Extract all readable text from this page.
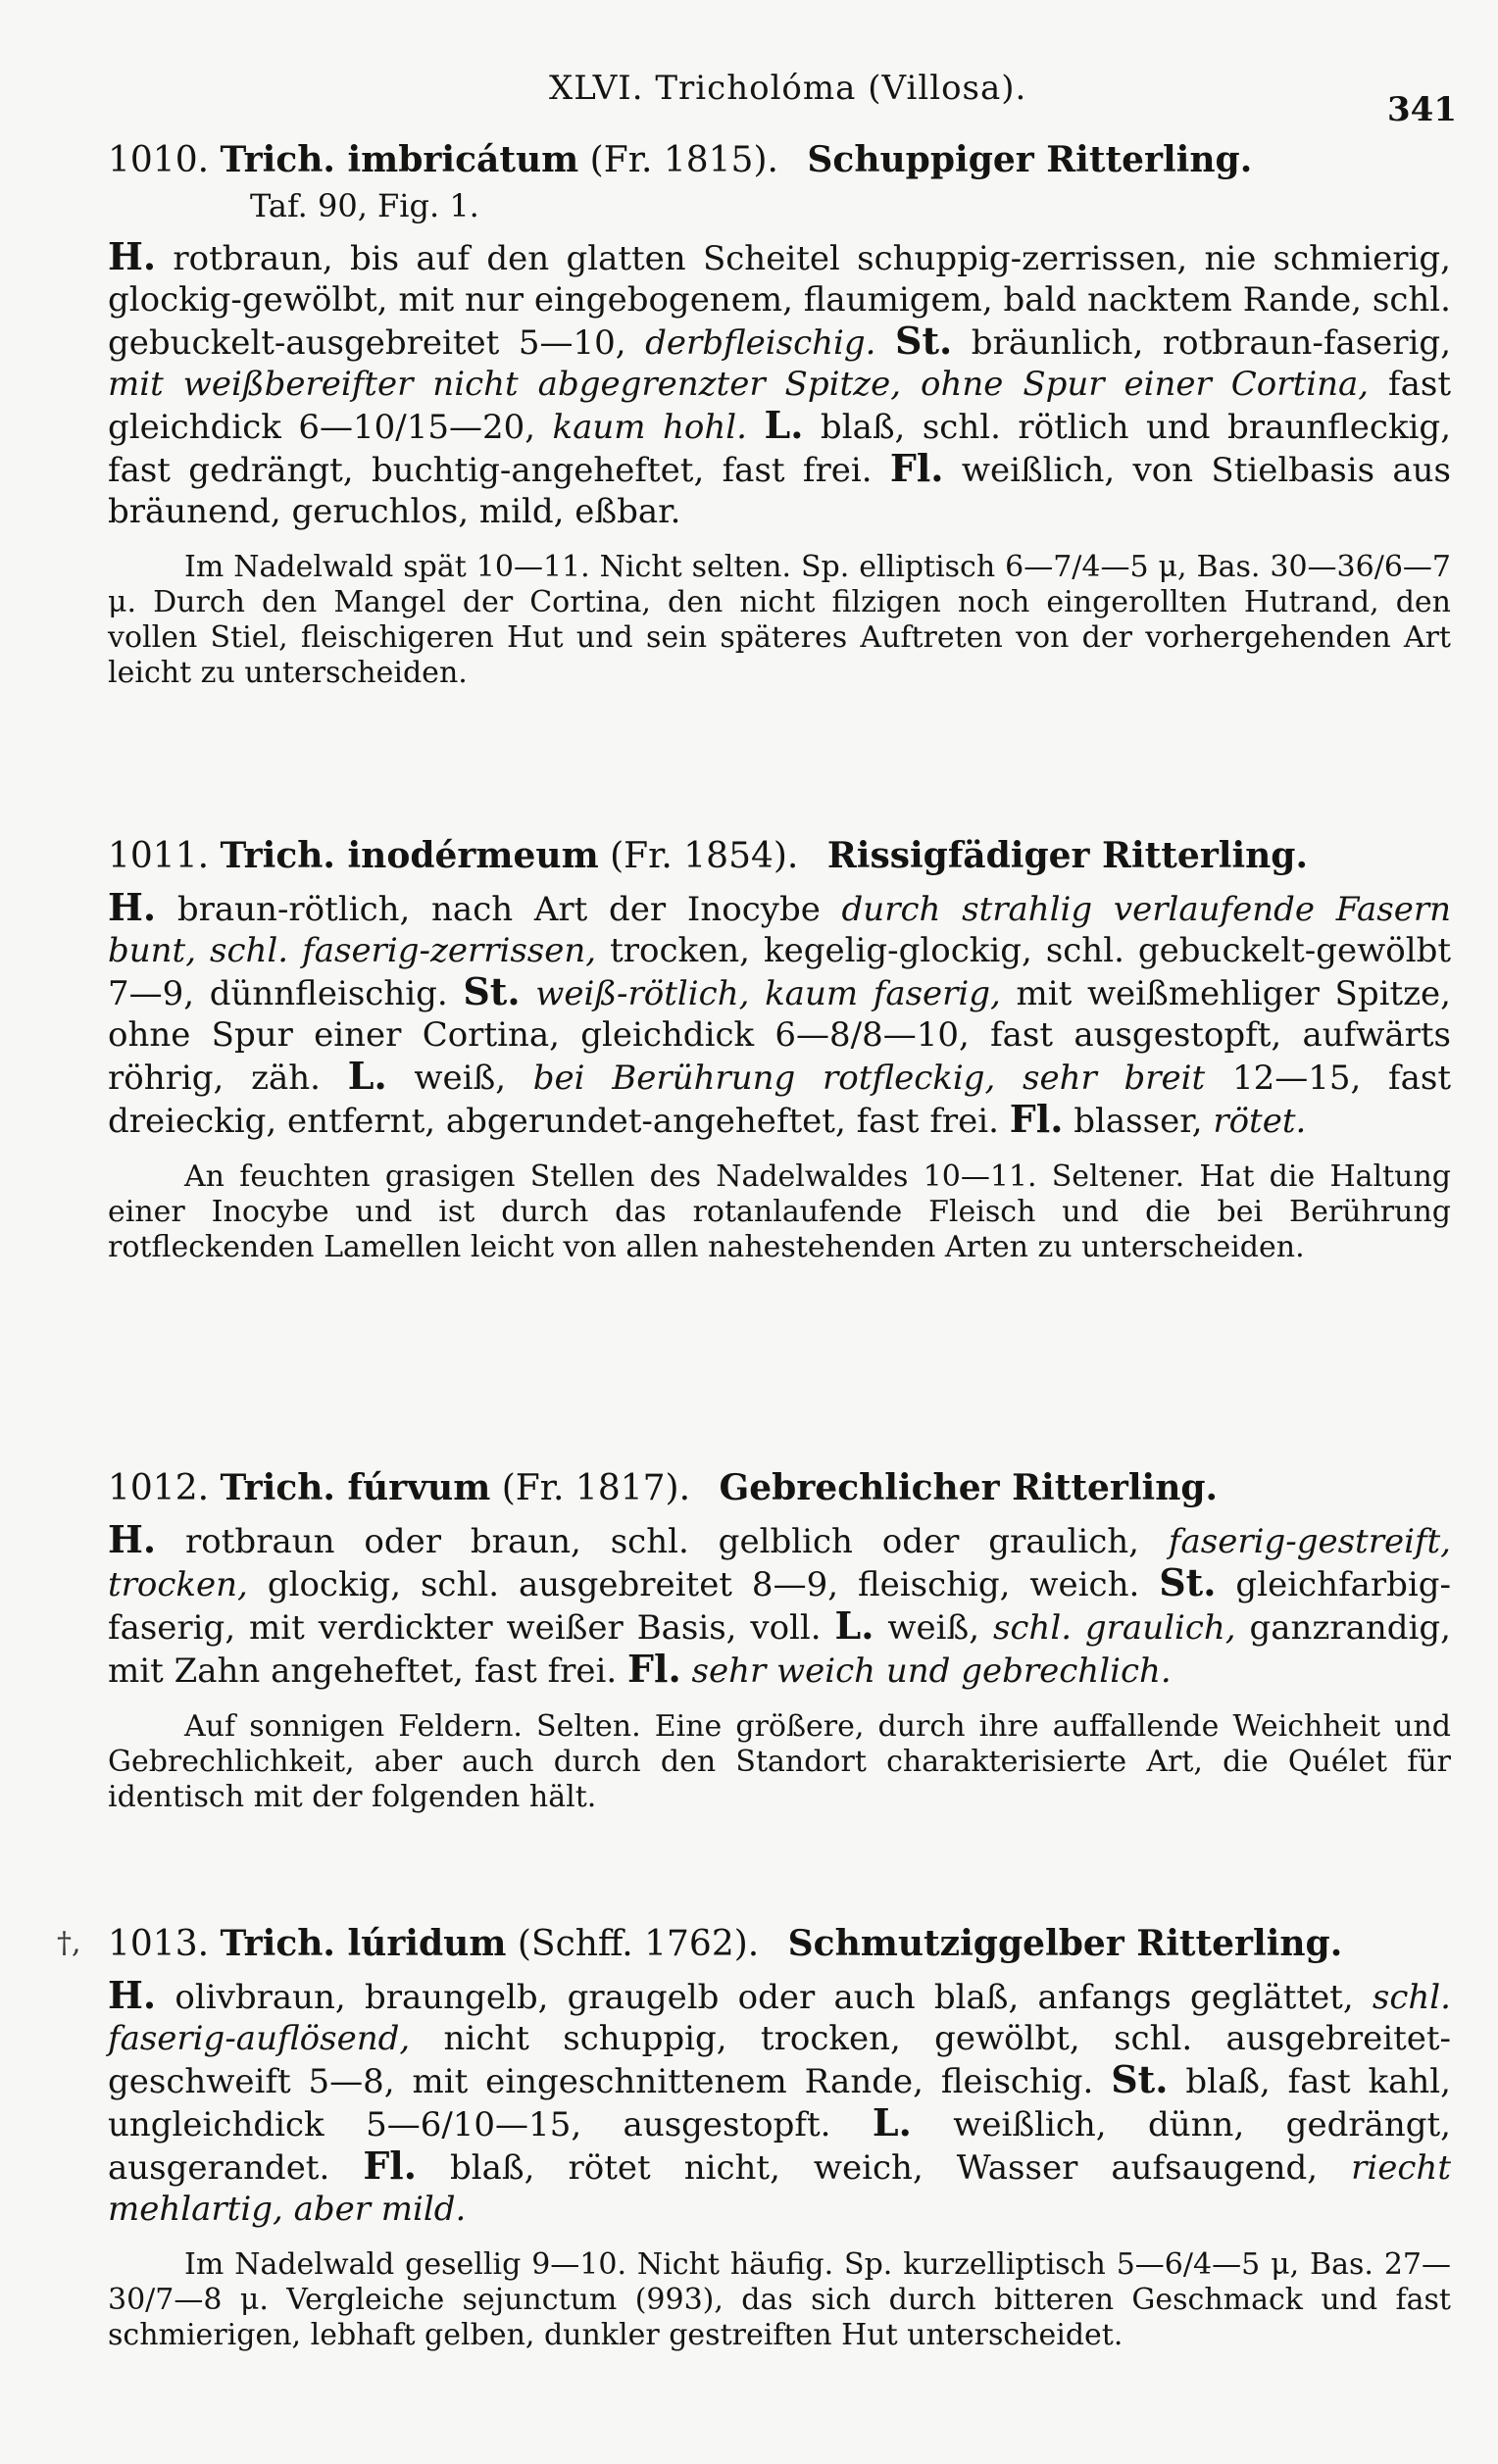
XLVI. Tricholóma (Villosa).
341
1010. Trich. imbricátum (Fr. 1815). Schuppiger Ritterling.
Taf. 90, Fig. 1.

H. rotbraun, bis auf den glatten Scheitel schuppig-zerrissen, nie schmierig, glockig-gewölbt, mit nur eingebogenem, flaumigem, bald nacktem Rande, schl. gebuckelt-ausgebreitet 5—10, derbfleischig. St. bräunlich, rotbraun-faserig, mit weißbereifter nicht abgegrenzter Spitze, ohne Spur einer Cortina, fast gleichdick 6—10/15—20, kaum hohl. L. blaß, schl. rötlich und braunfleckig, fast gedrängt, buchtig-angeheftet, fast frei. Fl. weißlich, von Stielbasis aus bräunend, geruchlos, mild, eßbar.

Im Nadelwald spät 10—11. Nicht selten. Sp. elliptisch 6—7/4—5 μ, Bas. 30—36/6—7 μ. Durch den Mangel der Cortina, den nicht filzigen noch eingerollten Hutrand, den vollen Stiel, fleischigeren Hut und sein späteres Auftreten von der vorhergehenden Art leicht zu unterscheiden.

1011. Trich. inodérmeum (Fr. 1854). Rissigfädiger Ritterling.

H. braun-rötlich, nach Art der Inocybe durch strahlig verlaufende Fasern bunt, schl. faserig-zerrissen, trocken, kegelig-glockig, schl. gebuckelt-gewölbt 7—9, dünnfleischig. St. weiß-rötlich, kaum faserig, mit weißmehliger Spitze, ohne Spur einer Cortina, gleichdick 6—8/8—10, fast ausgestopft, aufwärts röhrig, zäh. L. weiß, bei Berührung rotfleckig, sehr breit 12—15, fast dreieckig, entfernt, abgerundet-angeheftet, fast frei. Fl. blasser, rötet.

An feuchten grasigen Stellen des Nadelwaldes 10—11. Seltener. Hat die Haltung einer Inocybe und ist durch das rotanlaufende Fleisch und die bei Berührung rotfleckenden Lamellen leicht von allen nahestehenden Arten zu unterscheiden.

1012. Trich. fúrvum (Fr. 1817). Gebrechlicher Ritterling.

H. rotbraun oder braun, schl. gelblich oder graulich, faserig-gestreift, trocken, glockig, schl. ausgebreitet 8—9, fleischig, weich. St. gleichfarbig-faserig, mit verdickter weißer Basis, voll. L. weiß, schl. graulich, ganzrandig, mit Zahn angeheftet, fast frei. Fl. sehr weich und gebrechlich.

Auf sonnigen Feldern. Selten. Eine größere, durch ihre auffallende Weichheit und Gebrechlichkeit, aber auch durch den Standort charakterisierte Art, die Quélet für identisch mit der folgenden hält.

†, 1013. Trich. lúridum (Schff. 1762). Schmutziggelber Ritterling.

H. olivbraun, braungelb, graugelb oder auch blaß, anfangs geglättet, schl. faserig-auflösend, nicht schuppig, trocken, gewölbt, schl. ausgebreitet-geschweift 5—8, mit eingeschnittenem Rande, fleischig. St. blaß, fast kahl, ungleichdick 5—6/10—15, ausgestopft. L. weißlich, dünn, gedrängt, ausgerandet. Fl. blaß, rötet nicht, weich, Wasser aufsaugend, riecht mehlartig, aber mild.

Im Nadelwald gesellig 9—10. Nicht häufig. Sp. kurzelliptisch 5—6/4—5 μ, Bas. 27—30/7—8 μ. Vergleiche sejunctum (993), das sich durch bitteren Geschmack und fast schmierigen, lebhaft gelben, dunkler gestreiften Hut unterscheidet.
